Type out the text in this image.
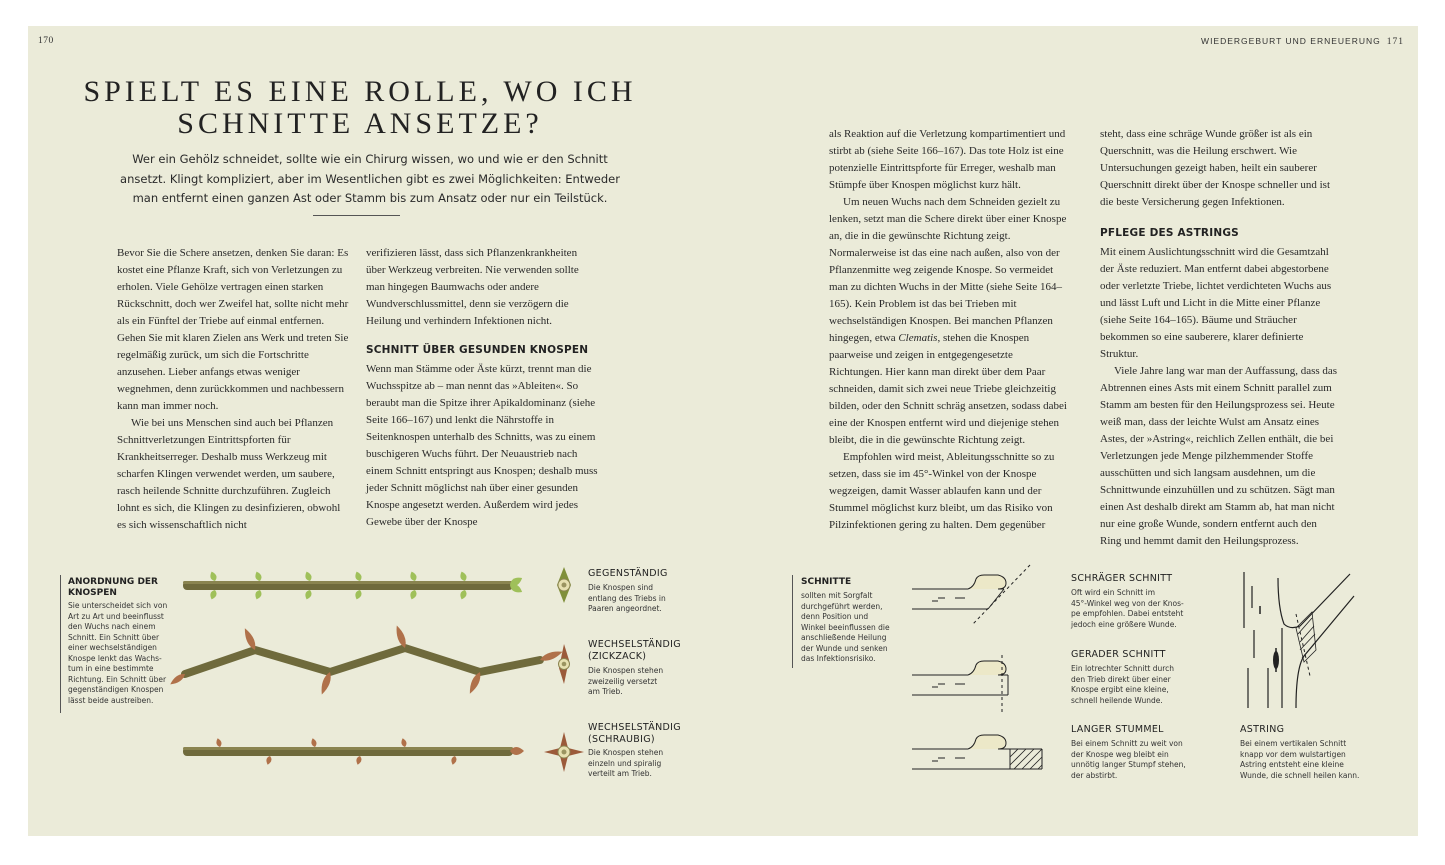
170	WIEDERGEBURT UND ERNEUERUNG 171
SPIELT ES EINE ROLLE, WO ICH SCHNITTE ANSETZE?
Wer ein Gehölz schneidet, sollte wie ein Chirurg wissen, wo und wie er den Schnitt ansetzt. Klingt kompliziert, aber im Wesentlichen gibt es zwei Möglichkeiten: Entweder man entfernt einen ganzen Ast oder Stamm bis zum Ansatz oder nur ein Teilstück.

Bevor Sie die Schere ansetzen, denken Sie daran: Es kostet eine Pflanze Kraft, sich von Verletzungen zu erholen. Viele Gehölze vertragen einen starken Rückschnitt, doch wer Zweifel hat, sollte nicht mehr als ein Fünftel der Triebe auf einmal entfernen. Gehen Sie mit klaren Zielen ans Werk und treten Sie regelmäßig zurück, um sich die Fortschritte anzusehen. Lieber anfangs etwas weniger wegnehmen, denn zurückkommen und nachbessern kann man immer noch.

Wie bei uns Menschen sind auch bei Pflanzen Schnittverletzungen Eintrittspforten für Krankheitserreger. Deshalb muss Werkzeug mit scharfen Klingen verwendet werden, um saubere, rasch heilende Schnitte durchzuführen. Zugleich lohnt es sich, die Klingen zu desinfizieren, obwohl es sich wissenschaftlich nicht

verifizieren lässt, dass sich Pflanzenkrankheiten über Werkzeug verbreiten. Nie verwenden sollte man hingegen Baumwachs oder andere Wundverschlussmittel, denn sie verzögern die Heilung und verhindern Infektionen nicht.

SCHNITT ÜBER GESUNDEN KNOSPEN

Wenn man Stämme oder Äste kürzt, trennt man die Wuchsspitze ab – man nennt das »Ableiten«. So beraubt man die Spitze ihrer Apikaldominanz (siehe Seite 166–167) und lenkt die Nährstoffe in Seitenknospen unterhalb des Schnitts, was zu einem buschigeren Wuchs führt. Der Neuaustrieb nach einem Schnitt entspringt aus Knospen; deshalb muss jeder Schnitt möglichst nah über einer gesunden Knospe angesetzt werden. Außerdem wird jedes Gewebe über der Knospe

als Reaktion auf die Verletzung kompartimentiert und stirbt ab (siehe Seite 166–167). Das tote Holz ist eine potenzielle Eintrittspforte für Erreger, weshalb man Stümpfe über Knospen möglichst kurz hält.

Um neuen Wuchs nach dem Schneiden gezielt zu lenken, setzt man die Schere direkt über einer Knospe an, die in die gewünschte Richtung zeigt. Normalerweise ist das eine nach außen, also von der Pflanzenmitte weg zeigende Knospe. So vermeidet man zu dichten Wuchs in der Mitte (siehe Seite 164–165). Kein Problem ist das bei Trieben mit wechselständigen Knospen. Bei manchen Pflanzen hingegen, etwa Clematis, stehen die Knospen paarweise und zeigen in entgegengesetzte Richtungen. Hier kann man direkt über dem Paar schneiden, damit sich zwei neue Triebe gleichzeitig bilden, oder den Schnitt schräg ansetzen, sodass dabei eine der Knospen entfernt wird und diejenige stehen bleibt, die in die gewünschte Richtung zeigt.

Empfohlen wird meist, Ableitungsschnitte so zu setzen, dass sie im 45°-Winkel von der Knospe wegzeigen, damit Wasser ablaufen kann und der Stummel möglichst kurz bleibt, um das Risiko von Pilzinfektionen gering zu halten. Dem gegenüber

steht, dass eine schräge Wunde größer ist als ein Querschnitt, was die Heilung erschwert. Wie Untersuchungen gezeigt haben, heilt ein sauberer Querschnitt direkt über der Knospe schneller und ist die beste Versicherung gegen Infektionen.

PFLEGE DES ASTRINGS

Mit einem Auslichtungsschnitt wird die Gesamtzahl der Äste reduziert. Man entfernt dabei abgestorbene oder verletzte Triebe, lichtet verdichteten Wuchs aus und lässt Luft und Licht in die Mitte einer Pflanze (siehe Seite 164–165). Bäume und Sträucher bekommen so eine sauberere, klarer definierte Struktur.

Viele Jahre lang war man der Auffassung, dass das Abtrennen eines Asts mit einem Schnitt parallel zum Stamm am besten für den Heilungsprozess sei. Heute weiß man, dass der leichte Wulst am Ansatz eines Astes, der »Astring«, reichlich Zellen enthält, die bei Verletzungen jede Menge pilzhemmender Stoffe ausschütten und sich langsam ausdehnen, um die Schnittwunde einzuhüllen und zu schützen. Sägt man einen Ast deshalb direkt am Stamm ab, hat man nicht nur eine große Wunde, sondern entfernt auch den Ring und hemmt damit den Heilungsprozess.

ANORDNUNG DER
KNOSPEN
Sie unterscheidet sich von
Art zu Art und beeinflusst
den Wuchs nach einem
Schnitt. Ein Schnitt über
einer wechselständigen
Knospe lenkt das Wachs-
tum in eine bestimmte
Richtung. Ein Schnitt über
gegenständigen Knospen
lässt beide austreiben.
GEGENSTÄNDIG
Die Knospen sind
entlang des Triebs in
Paaren angeordnet.
WECHSELSTÄNDIG
(ZICKZACK)
Die Knospen stehen
zweizeilig versetzt
am Trieb.
WECHSELSTÄNDIG
(SCHRAUBIG)
Die Knospen stehen
einzeln und spiralig
verteilt am Trieb.
SCHNITTE
sollten mit Sorgfalt
durchgeführt werden,
denn Position und
Winkel beeinflussen die
anschließende Heilung
der Wunde und senken
das Infektionsrisiko.
SCHRÄGER SCHNITT
Oft wird ein Schnitt im
45°-Winkel weg von der Knos-
pe empfohlen. Dabei entsteht
jedoch eine größere Wunde.
GERADER SCHNITT
Ein lotrechter Schnitt durch
den Trieb direkt über einer
Knospe ergibt eine kleine,
schnell heilende Wunde.
LANGER STUMMEL
Bei einem Schnitt zu weit von
der Knospe weg bleibt ein
unnötig langer Stumpf stehen,
der abstirbt.
ASTRING
Bei einem vertikalen Schnitt
knapp vor dem wulstartigen
Astring entsteht eine kleine
Wunde, die schnell heilen kann.
